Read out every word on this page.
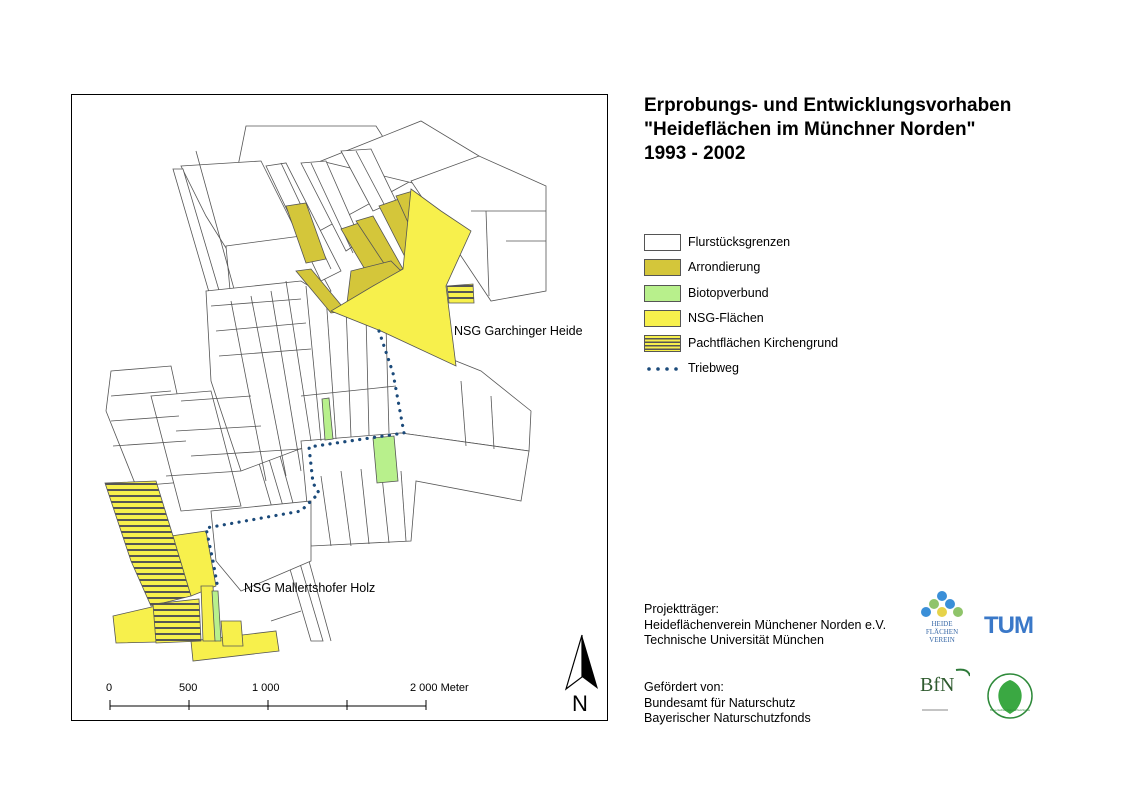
NSG Garchinger Heide
NSG Mallertshofer Holz
0	500	1 000	2 000 Meter
N
Erprobungs- und Entwicklungsvorhaben
"Heideflächen im Münchner Norden"
1993 - 2002
Flurstücksgrenzen
Arrondierung
Biotopverbund
NSG-Flächen
Pachtflächen Kirchengrund
Triebweg
Projektträger:
Heideflächenverein Münchener Norden e.V.
Technische Universität München
Gefördert von:
Bundesamt für Naturschutz
Bayerischer Naturschutzfonds
HEIDE
FLÄCHEN
VEREIN
TUM
BfN
Bayerischer Naturschutzfonds
